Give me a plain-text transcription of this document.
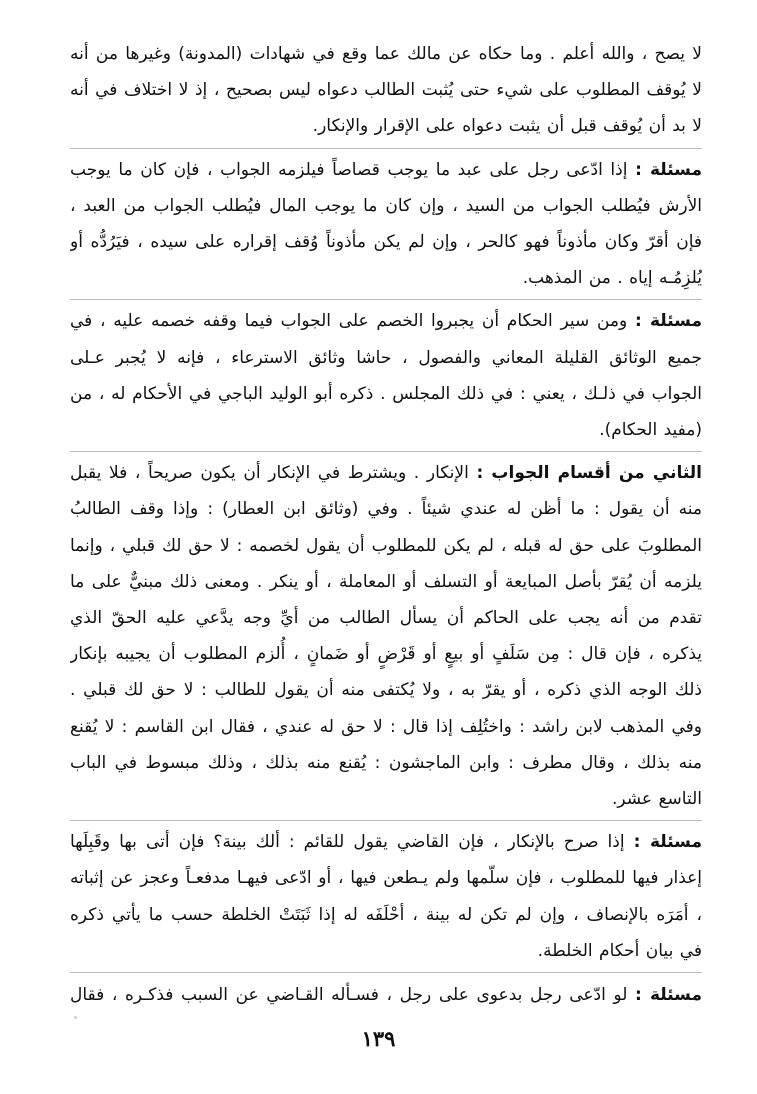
لا يصح ، والله أعلم . وما حكاه عن مالك عما وقع في شهادات (المدونة) وغيرها من أنه لا يُوقف المطلوب على شيء حتى يُثبت الطالب دعواه ليس بصحيح ، إذ لا اختلاف في أنه لا بد أن يُوقف قبل أن يثبت دعواه على الإقرار والإنكار.

مسئلة : إذا ادّعى رجل على عبد ما يوجب قصاصاً فيلزمه الجواب ، فإن كان ما يوجب الأرش فيُطلب الجواب من السيد ، وإن كان ما يوجب المال فيُطلب الجواب من العبد ، فإن أقرّ وكان مأذوناً فهو كالحر ، وإن لم يكن مأذوناً وُقف إقراره على سيده ، فيَرُدُّه أو يُلزِمُـه إياه . من المذهب.

مسئلة : ومن سير الحكام أن يجبروا الخصم على الجواب فيما وقفه خصمه عليه ، في جميع الوثائق القليلة المعاني والفصول ، حاشا وثائق الاسترعاء ، فإنه لا يُجبر عـلى الجواب في ذلـك ، يعني : في ذلك المجلس . ذكره أبو الوليد الباجي في الأحكام له ، من (مفيد الحكام).

الثاني من أقسام الجواب : الإنكار . ويشترط في الإنكار أن يكون صريحاً ، فلا يقبل منه أن يقول : ما أظن له عندي شيئاً . وفي (وثائق ابن العطار) : وإذا وقف الطالبُ المطلوبَ على حق له قبله ، لم يكن للمطلوب أن يقول لخصمه : لا حق لك قبلي ، وإنما يلزمه أن يُقرّ بأصل المبايعة أو التسلف أو المعاملة ، أو ينكر . ومعنى ذلك مبنيٌّ على ما تقدم من أنه يجب على الحاكم أن يسأل الطالب من أيِّ وجه يدَّعي عليه الحقّ الذي يذكره ، فإن قال : مِن سَلَفٍ أو بيعٍ أو قَرْضٍ أو ضَمانٍ ، أُلزم المطلوب أن يجيبه بإنكار ذلك الوجه الذي ذكره ، أو يقرّ به ، ولا يُكتفى منه أن يقول للطالب : لا حق لك قبلي . وفي المذهب لابن راشد : واختُلِف إذا قال : لا حق له عندي ، فقال ابن القاسم : لا يُقنع منه بذلك ، وقال مطرف : وابن الماجشون : يُقنع منه بذلك ، وذلك مبسوط في الباب التاسع عشر.

مسئلة : إذا صرح بالإنكار ، فإن القاضي يقول للقائم : ألك بينة؟ فإن أتى بها وقَبِلَها إعذار فيها للمطلوب ، فإن سلّمها ولم يـطعن فيها ، أو ادّعى فيهـا مدفعـاً وعجز عن إثباته ، أمَرَه بالإنصاف ، وإن لم تكن له بينة ، أحْلَفَه له إذا ثَبَتَتْ الخلطة حسب ما يأتي ذكره في بيان أحكام الخلطة.

مسئلة : لو ادّعى رجل بدعوى على رجل ، فسـأله القـاضي عن السبب فذكـره ، فقال

١٣٩
